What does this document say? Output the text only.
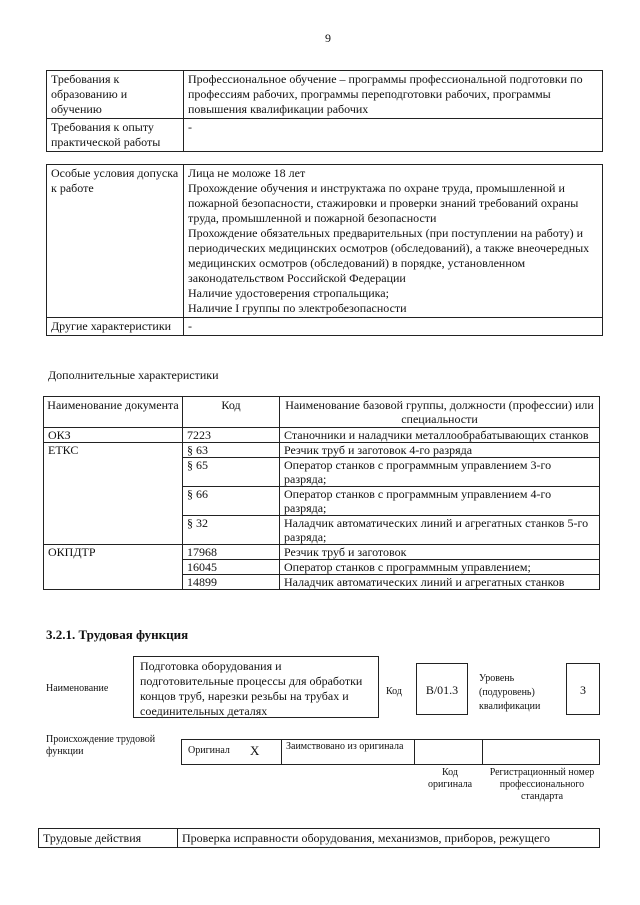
9
Требования к образованию и обучению	Профессиональное обучение – программы профессиональной подготовки по профессиям рабочих, программы переподготовки рабочих, программы повышения квалификации рабочих
Требования к опыту практической работы	-
Особые условия допуска к работе	Лица не моложе 18 лет
Прохождение обучения и инструктажа по охране труда, промышленной и пожарной безопасности, стажировки и проверки знаний требований охраны труда, промышленной и пожарной безопасности
Прохождение обязательных предварительных (при поступлении на работу) и периодических медицинских осмотров (обследований), а также внеочередных медицинских осмотров (обследований) в порядке, установленном законодательством Российской Федерации
Наличие удостоверения стропальщика;
Наличие I группы по электробезопасности

Другие характеристики	-
Дополнительные характеристики
Наименование документа	Код	Наименование базовой группы, должности (профессии) или специальности
ОКЗ	7223	Станочники и наладчики металлообрабатывающих станков
ЕТКС	§ 63	Резчик труб и заготовок 4-го разряда
	§ 65	Оператор станков с программным управлением 3-го разряда;
	§ 66	Оператор станков с программным управлением 4-го разряда;
	§ 32	Наладчик автоматических линий и агрегатных станков 5-го разряда;
ОКПДТР	17968	Резчик труб и заготовок
	16045	Оператор станков с программным управлением;
	14899	Наладчик автоматических линий и агрегатных станков
3.2.1. Трудовая функция
Наименование
Подготовка оборудования и подготовительные процессы для обработки концов труб, нарезки резьбы на трубах и соединительных деталях
Код	B/01.3
Уровень (подуровень) квалификации
3
Происхождение трудовой функции	Оригинал X	Заимствовано из оригинала
Код оригинала
Регистрационный номер профессионального стандарта
Трудовые действия	Проверка исправности оборудования, механизмов, приборов, режущего
